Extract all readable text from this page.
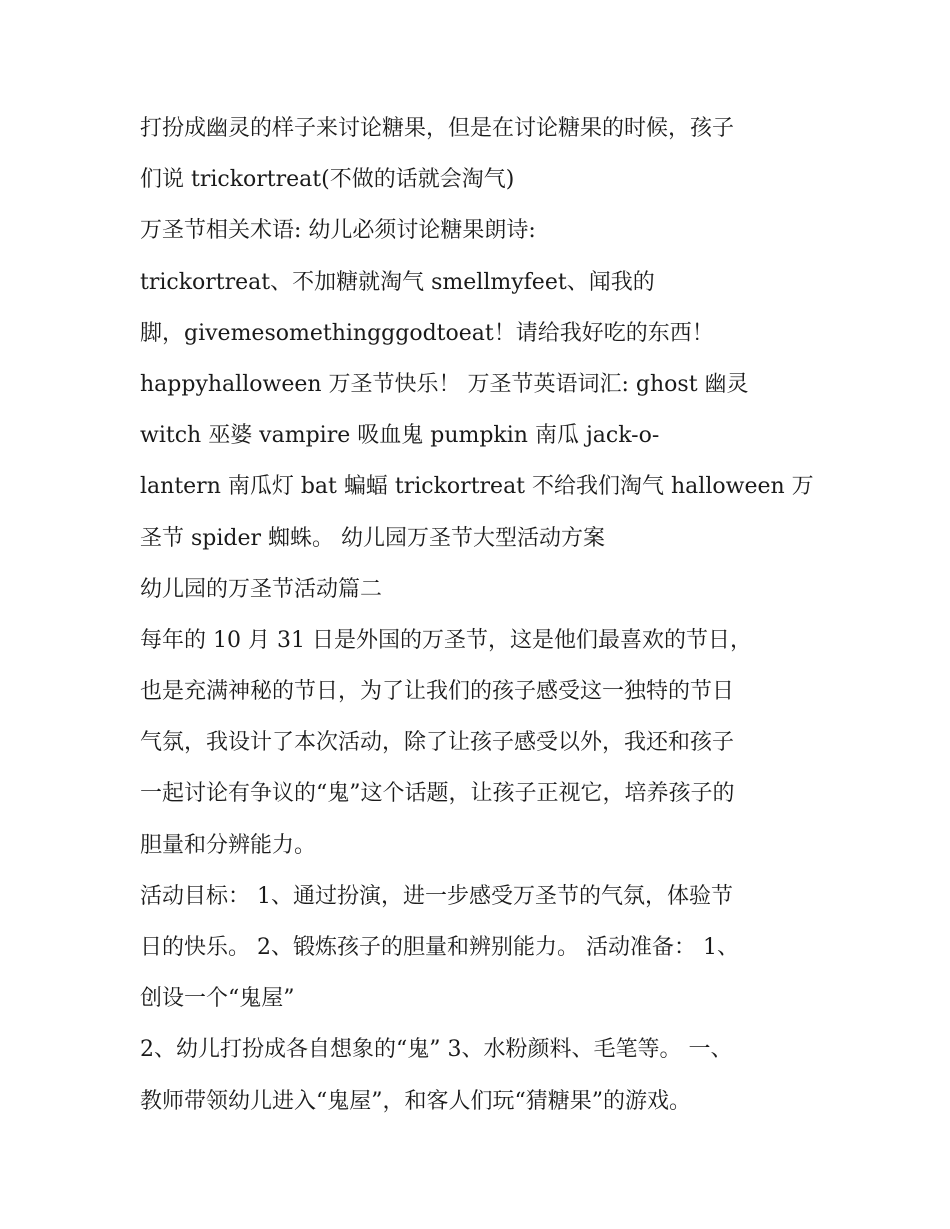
打扮成幽灵的样子来讨论糖果，但是在讨论糖果的时候，孩子
们说 trickortreat(不做的话就会淘气)
万圣节相关术语: 幼儿必须讨论糖果朗诗:
trickortreat、不加糖就淘气 smellmyfeet、闻我的
脚，givemesomethingggodtoeat！请给我好吃的东西！
happyhalloween 万圣节快乐！ 万圣节英语词汇: ghost 幽灵
witch 巫婆 vampire 吸血鬼 pumpkin 南瓜 jack-o-
lantern 南瓜灯 bat 蝙蝠 trickortreat 不给我们淘气 halloween 万
圣节 spider 蜘蛛。 幼儿园万圣节大型活动方案
幼儿园的万圣节活动篇二
每年的 10 月 31 日是外国的万圣节，这是他们最喜欢的节日，
也是充满神秘的节日，为了让我们的孩子感受这一独特的节日
气氛，我设计了本次活动，除了让孩子感受以外，我还和孩子
一起讨论有争议的“鬼”这个话题，让孩子正视它，培养孩子的
胆量和分辨能力。
活动目标： 1、通过扮演，进一步感受万圣节的气氛，体验节
日的快乐。 2、锻炼孩子的胆量和辨别能力。 活动准备： 1、
创设一个“鬼屋”
2、幼儿打扮成各自想象的“鬼” 3、水粉颜料、毛笔等。 一、
教师带领幼儿进入“鬼屋”，和客人们玩“猜糖果”的游戏。
